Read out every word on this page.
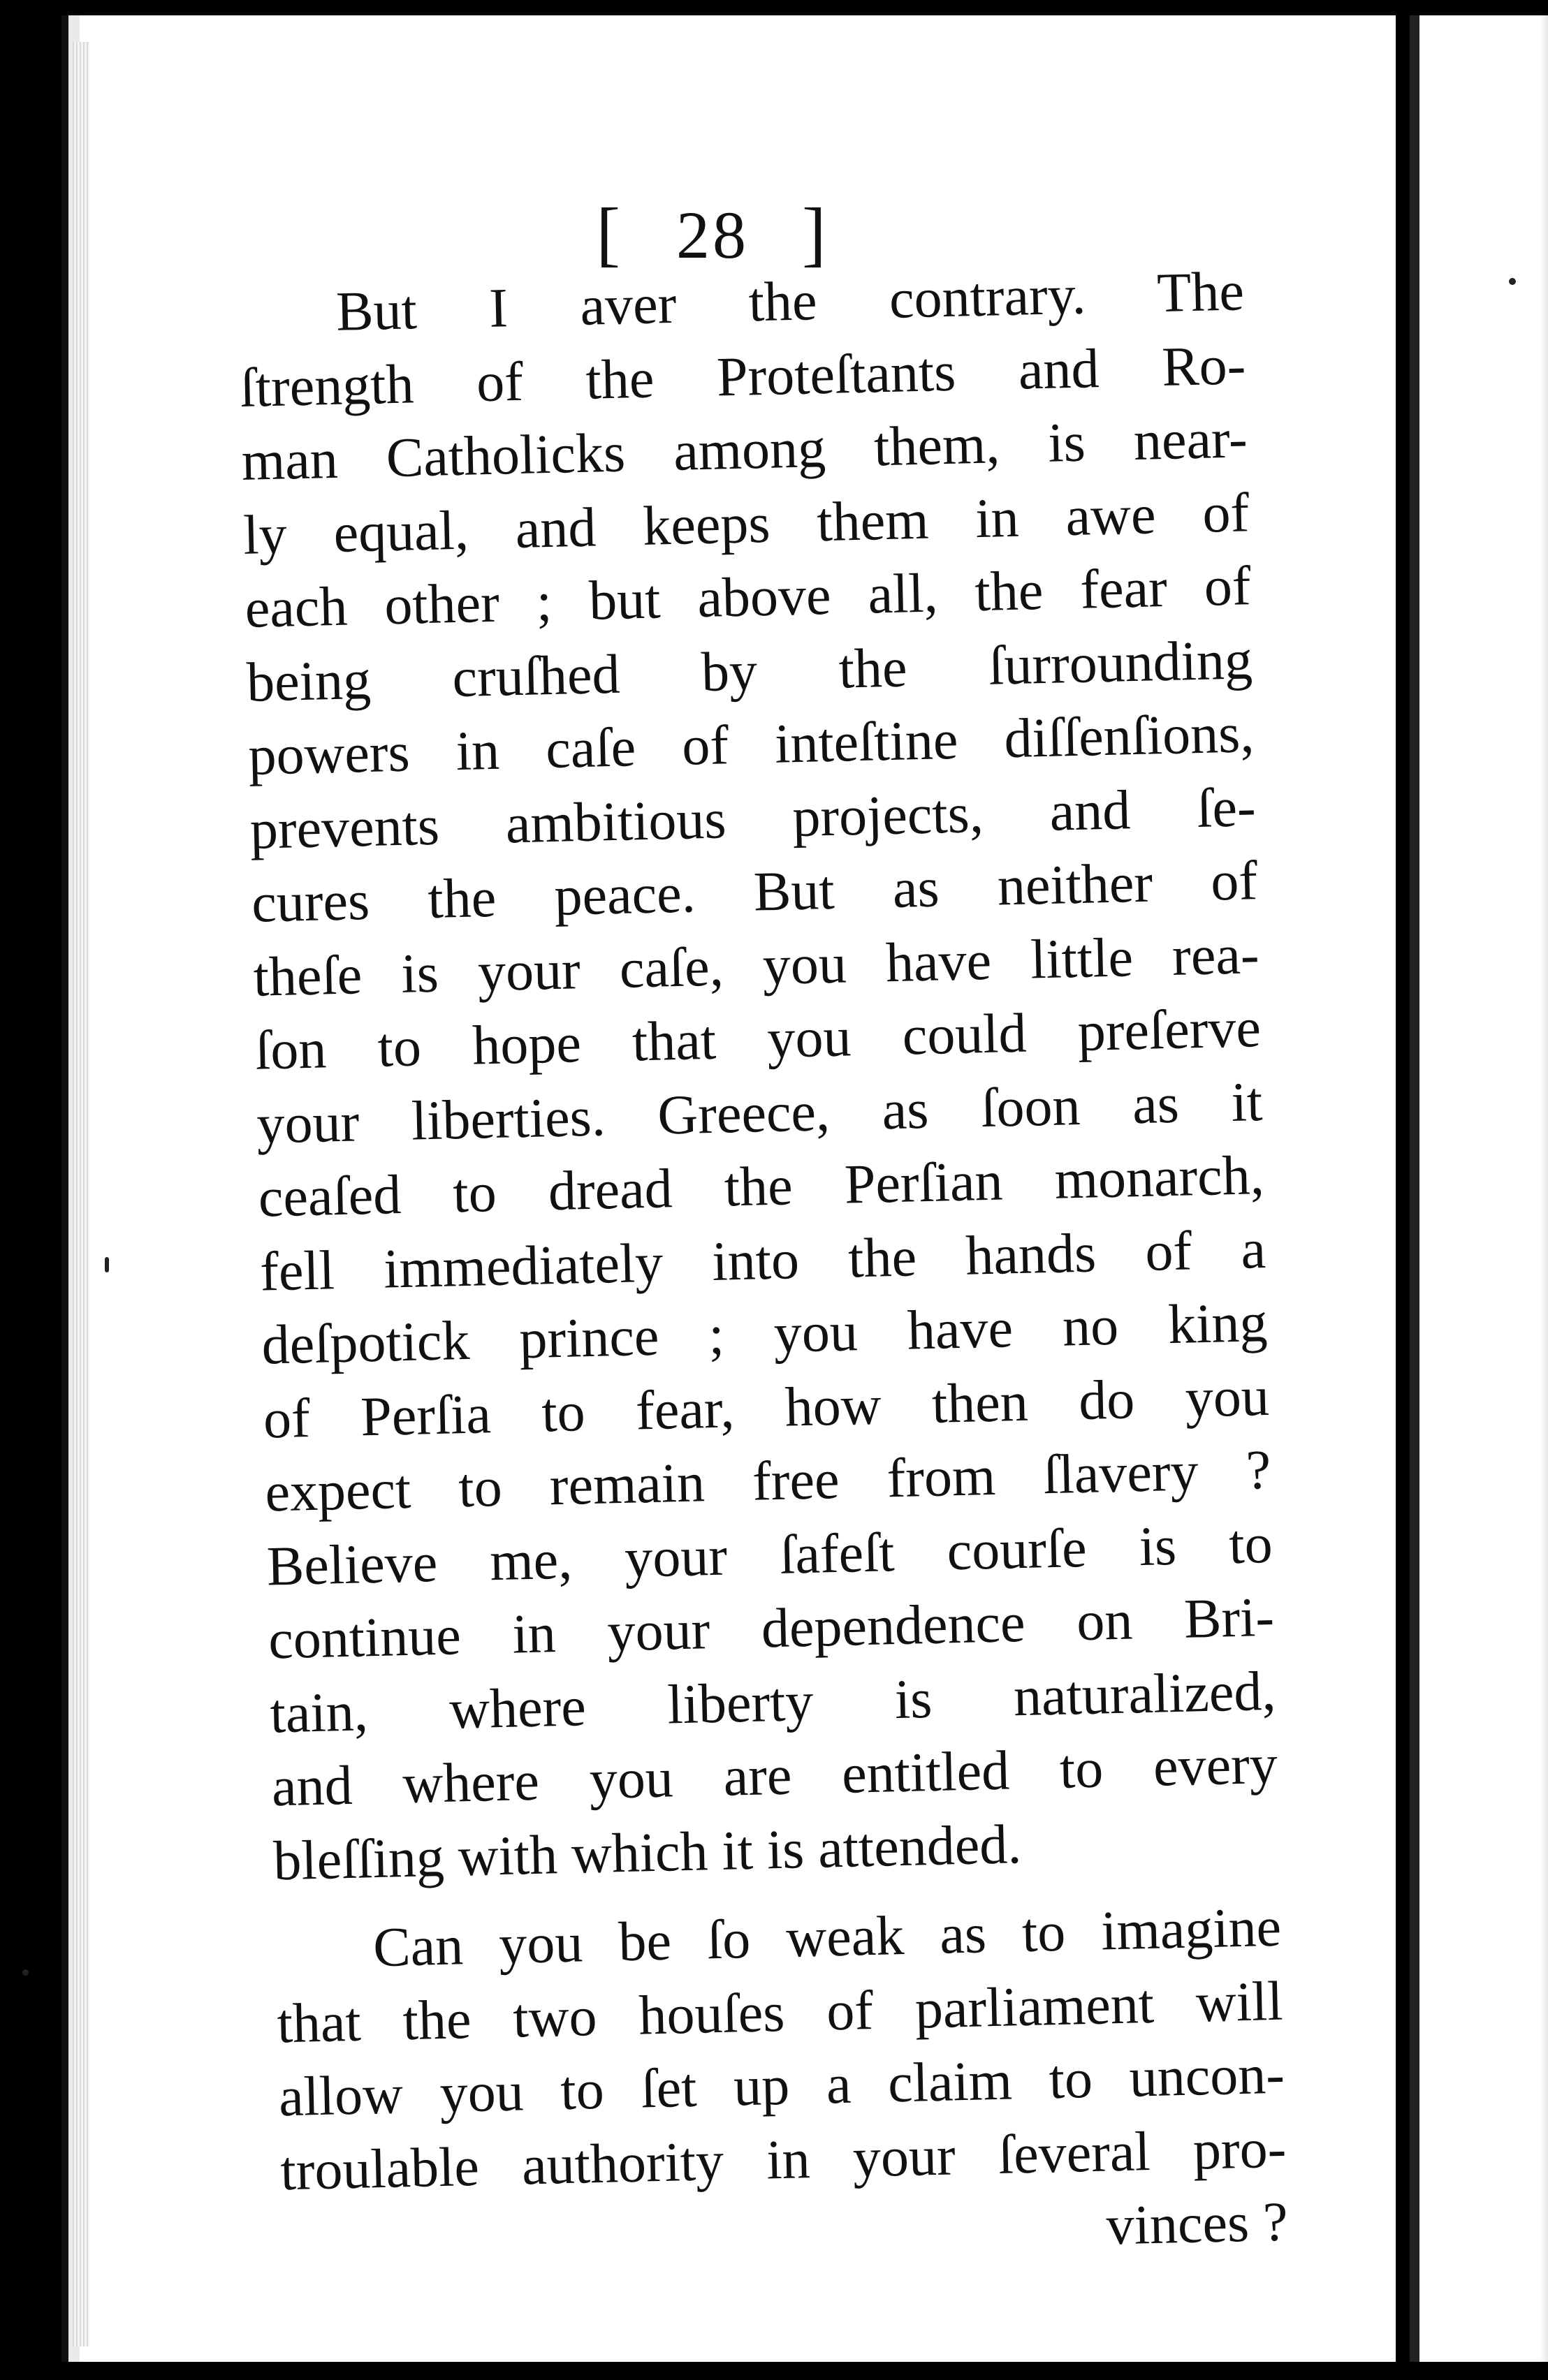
[ 28 ]
But I aver the contrary. The
ſtrength of the Proteſtants and Ro-
man Catholicks among them, is near-
ly equal, and keeps them in awe of
each other ; but above all, the fear of
being cruſhed by the ſurrounding
powers in caſe of inteſtine diſſenſions,
prevents ambitious projects, and ſe-
cures the peace. But as neither of
theſe is your caſe, you have little rea-
ſon to hope that you could preſerve
your liberties. Greece, as ſoon as it
ceaſed to dread the Perſian monarch,
fell immediately into the hands of a
deſpotick prince ; you have no king
of Perſia to fear, how then do you
expect to remain free from ſlavery ?
Believe me, your ſafeſt courſe is to
continue in your dependence on Bri-
tain, where liberty is naturalized,
and where you are entitled to every
bleſſing with which it is attended.
Can you be ſo weak as to imagine
that the two houſes of parliament will
allow you to ſet up a claim to uncon-
troulable authority in your ſeveral pro-
vinces ?
